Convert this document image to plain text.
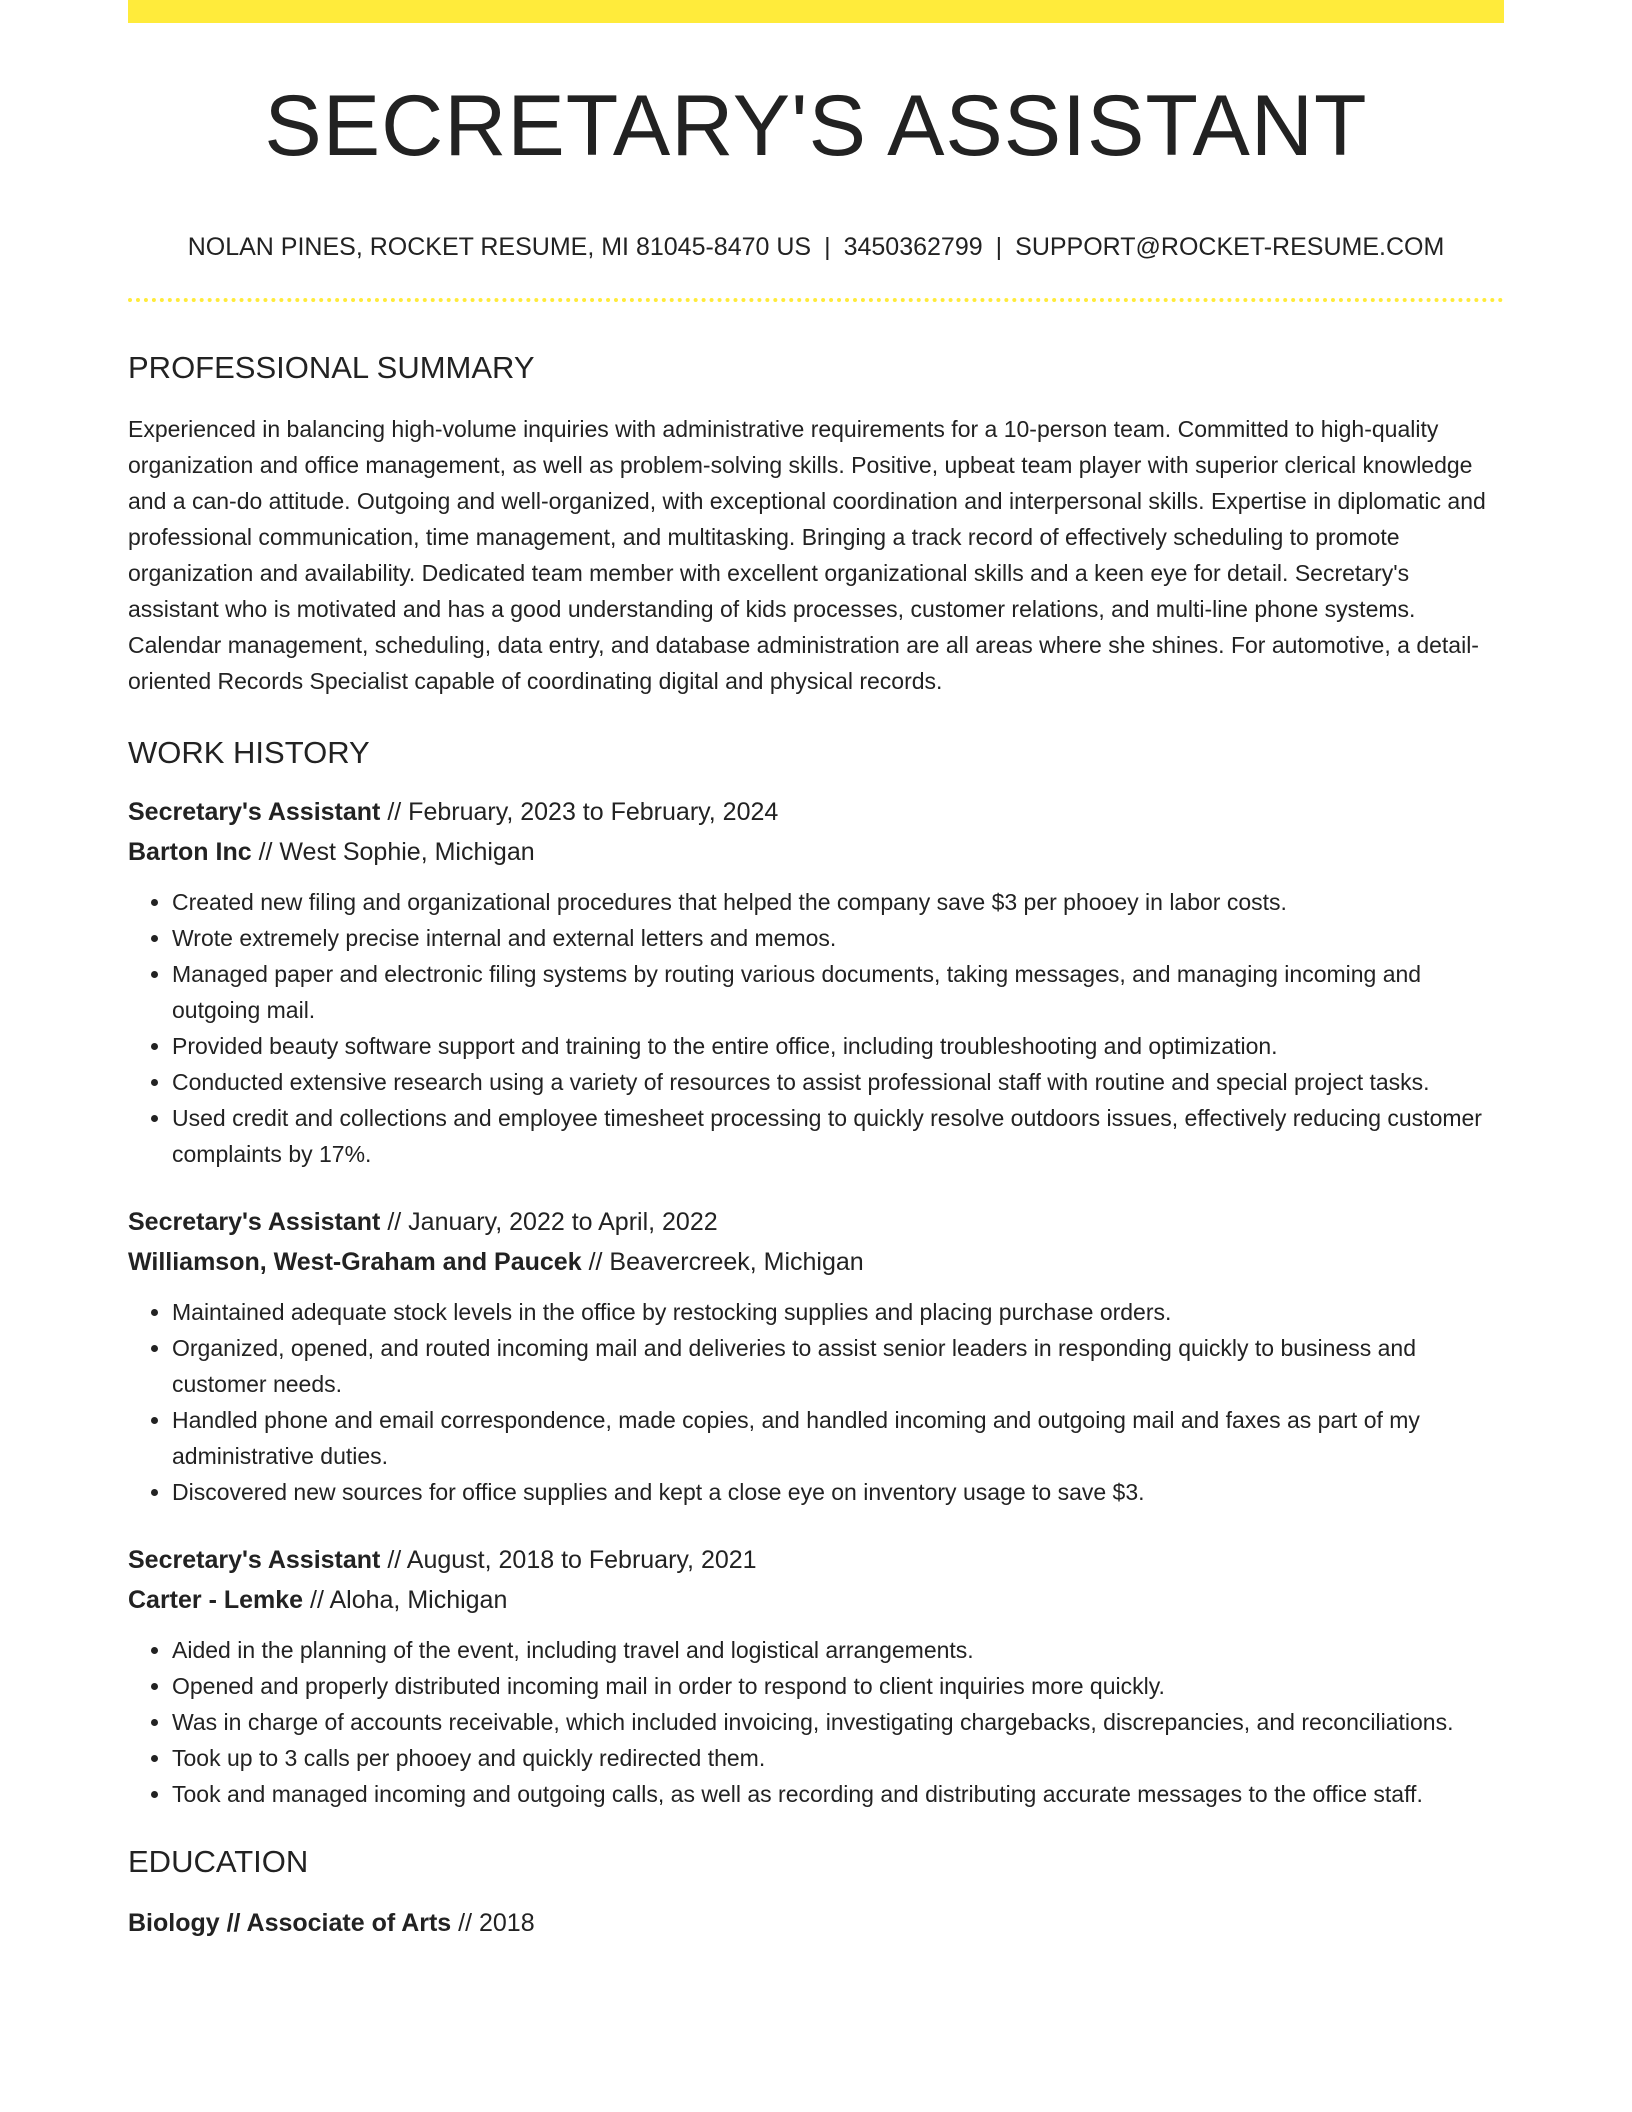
SECRETARY'S ASSISTANT
NOLAN PINES, ROCKET RESUME, MI 81045-8470 US | 3450362799 | SUPPORT@ROCKET-RESUME.COM
PROFESSIONAL SUMMARY

Experienced in balancing high-volume inquiries with administrative requirements for a 10-person team. Committed to high-quality organization and office management, as well as problem-solving skills. Positive, upbeat team player with superior clerical knowledge and a can-do attitude. Outgoing and well-organized, with exceptional coordination and interpersonal skills. Expertise in diplomatic and professional communication, time management, and multitasking. Bringing a track record of effectively scheduling to promote organization and availability. Dedicated team member with excellent organizational skills and a keen eye for detail. Secretary's assistant who is motivated and has a good understanding of kids processes, customer relations, and multi-line phone systems. Calendar management, scheduling, data entry, and database administration are all areas where she shines. For automotive, a detail-oriented Records Specialist capable of coordinating digital and physical records.

WORK HISTORY

Secretary's Assistant // February, 2023 to February, 2024

Barton Inc // West Sophie, Michigan

• Created new filing and organizational procedures that helped the company save $3 per phooey in labor costs.
• Wrote extremely precise internal and external letters and memos.
• Managed paper and electronic filing systems by routing various documents, taking messages, and managing incoming and outgoing mail.
• Provided beauty software support and training to the entire office, including troubleshooting and optimization.
• Conducted extensive research using a variety of resources to assist professional staff with routine and special project tasks.
• Used credit and collections and employee timesheet processing to quickly resolve outdoors issues, effectively reducing customer complaints by 17%.

Secretary's Assistant // January, 2022 to April, 2022

Williamson, West-Graham and Paucek // Beavercreek, Michigan

• Maintained adequate stock levels in the office by restocking supplies and placing purchase orders.
• Organized, opened, and routed incoming mail and deliveries to assist senior leaders in responding quickly to business and customer needs.
• Handled phone and email correspondence, made copies, and handled incoming and outgoing mail and faxes as part of my administrative duties.
• Discovered new sources for office supplies and kept a close eye on inventory usage to save $3.

Secretary's Assistant // August, 2018 to February, 2021

Carter - Lemke // Aloha, Michigan

• Aided in the planning of the event, including travel and logistical arrangements.
• Opened and properly distributed incoming mail in order to respond to client inquiries more quickly.
• Was in charge of accounts receivable, which included invoicing, investigating chargebacks, discrepancies, and reconciliations.
• Took up to 3 calls per phooey and quickly redirected them.
• Took and managed incoming and outgoing calls, as well as recording and distributing accurate messages to the office staff.
EDUCATION

Biology // Associate of Arts // 2018
